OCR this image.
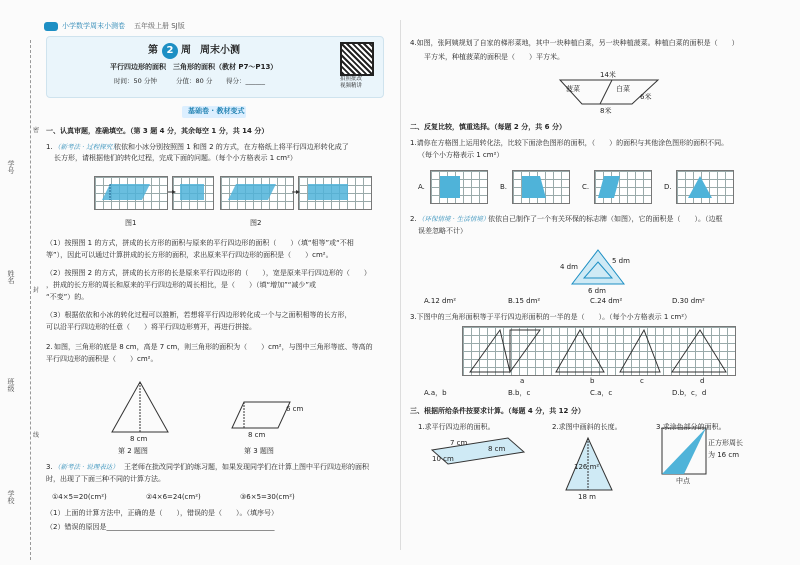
学号
姓名
班级
学校
密
封
线
小学数学周末小测卷 五年级上册 SJ版
第 2 周 周末小测
平行四边形的面积　三角形的面积（教材 P7～P13）
时间：50 分钟	分值：80 分 得分：______	拍照批改
视频精讲
基础卷 · 教材变式
一、认真审题，准确填空。（第 3 题 4 分，其余每空 1 分，共 14 分）
1. （新考法 · 过程探究）
依依和小冰分别按照图 1 和图 2 的方式，在方格纸上将平行四边形转化成了
长方形，请根据他们的转化过程，完成下面的问题。（每个小方格表示 1 cm²）
图1	图2
（1）按照图 1 的方式，拼成的长方形的面积与原来的平行四边形的面积（　　）（填“相等”或“不相
等”），因此可以通过计算拼成的长方形的面积，求出原来平行四边形的面积是（　　）cm²。
（2）按照图 2 的方式，拼成的长方形的长是原来平行四边形的（　　），宽是原来平行四边形的（　　）
，拼成的长方形的周长和原来的平行四边形的周长相比，是（　　）（填“增加”“减少”或
“不变”）的。
（3）根据依依和小冰的转化过程可以推断，若想将平行四边形转化成一个与之面积相等的长方形，
可以沿平行四边形的任意（　　）将平行四边形剪开，再进行拼接。
2. 如图，三角形的底是 8 cm，高是 7 cm，则三角形的面积为（　　）cm²，与图中三角形等底、等高的
平行四边形的面积是（　　）cm²。
8 cm
第 2 题图
6 cm
8 cm
第 3 题图
3. （新考法 · 说理表达） 王老师在批改同学们的练习题，如果发现同学们在计算上图中平行四边形的面积
时，出现了下面三种不同的计算方法。
①4×5=20(cm²)	②4×6=24(cm²)	③6×5=30(cm²)
（1）上面的计算方法中，正确的是（　　），错误的是（　　）。（填序号）
（2）错误的原因是________________________________________________
4.如图，张阿姨规划了自家的梯形菜地，其中一块种植白菜，另一块种植菠菜。种植白菜的面积是（　　）
平方米，种植菠菜的面积是（　　）平方米。
14米
菠菜	白菜
6米
8米
二、反复比较，慎重选择。（每题 2 分，共 6 分）
1.请你在方格图上运用转化法，比较下面涂色图形的面积，（　　）的面积与其他涂色图形的面积不同。
（每个小方格表示 1 cm²）
A.	B.	C.	D.
2. （环保情境 · 生活情境）
依依自己制作了一个有关环保的标志牌（如图），它的面积是（　　）。（边框
误差忽略不计）
4 dm
6 dm
5 dm
A.12 dm²	B.15 dm²	C.24 dm²	D.30 dm²
3.下图中的三角形面积等于平行四边形面积的一半的是（　　）。（每个小方格表示 1 cm²）
a	b	c	d
A.a，b	B.b，c	C.a，c	D.b，c，d
三、根据所给条件按要求计算。（每题 4 分，共 12 分）
1.求平行四边形的面积。	2.求图中画斜的长度。	3.求涂色部分的面积。
7 cm
10 cm
8 cm
126 m²
18 m
正方形周长
为 16 cm
中点
